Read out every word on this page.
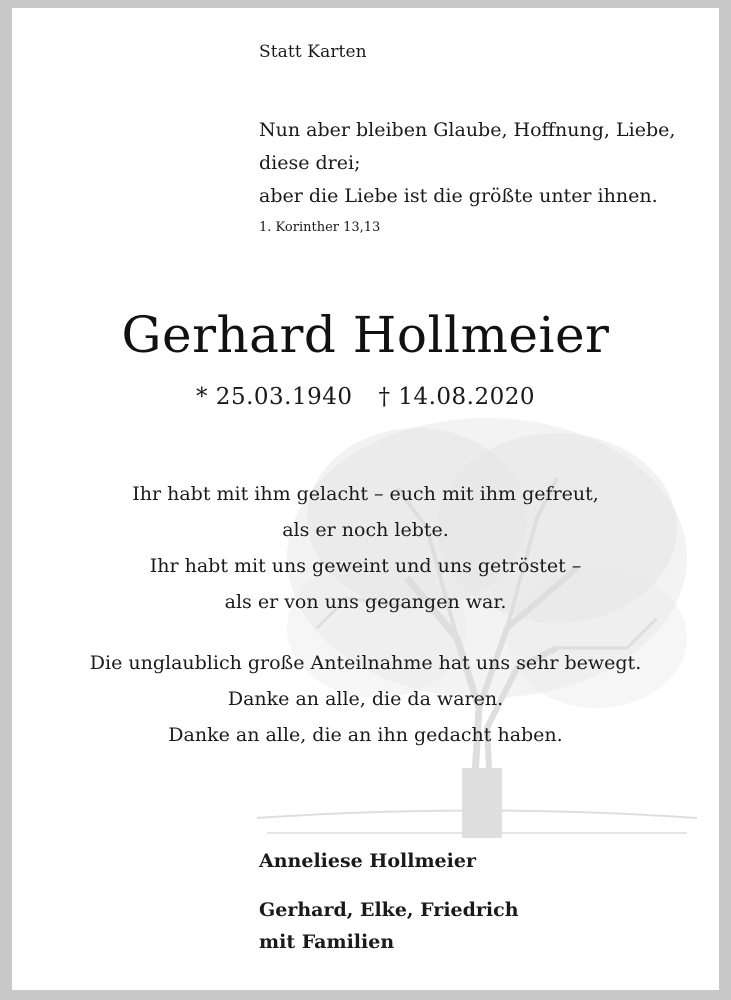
Statt Karten
Nun aber bleiben Glaube, Hoffnung, Liebe,
diese drei;
aber die Liebe ist die größte unter ihnen.
1. Korinther 13,13
Gerhard Hollmeier
* 25.03.1940 † 14.08.2020
Ihr habt mit ihm gelacht – euch mit ihm gefreut,
als er noch lebte.
Ihr habt mit uns geweint und uns getröstet –
als er von uns gegangen war.
Die unglaublich große Anteilnahme hat uns sehr bewegt.
Danke an alle, die da waren.
Danke an alle, die an ihn gedacht haben.
Anneliese Hollmeier
Gerhard, Elke, Friedrich
mit Familien
